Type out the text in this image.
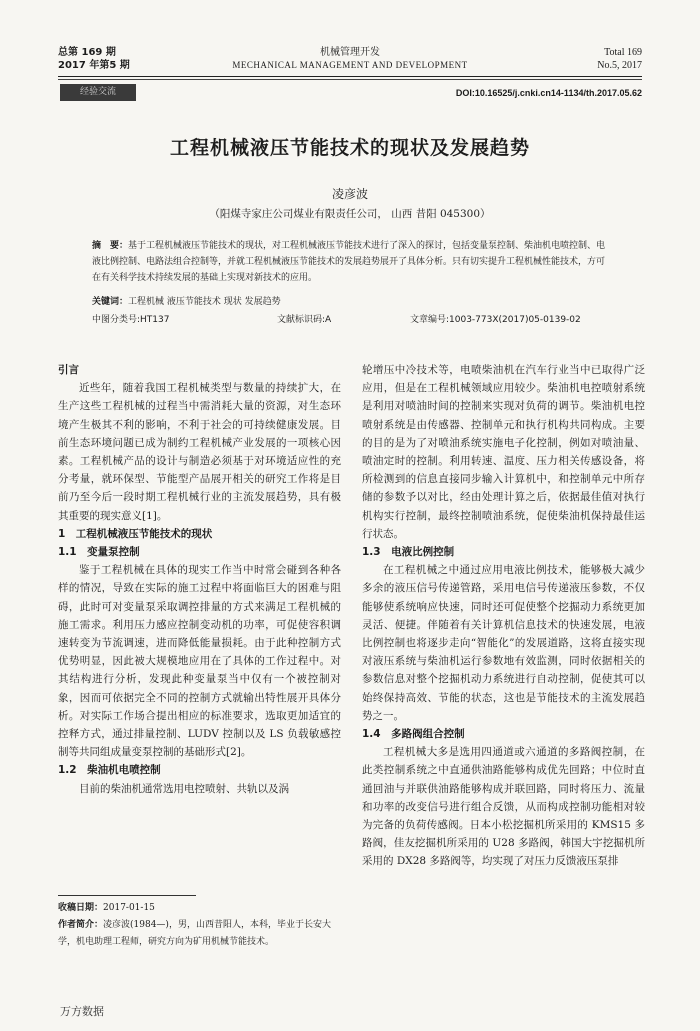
总第 169 期
2017 年第5 期
机械管理开发
MECHANICAL MANAGEMENT AND DEVELOPMENT
Total 169
No.5, 2017
经验交流	DOI:10.16525/j.cnki.cn14-1134/th.2017.05.62
工程机械液压节能技术的现状及发展趋势
凌彦波
（阳煤寺家庄公司煤业有限责任公司， 山西 昔阳 045300）
摘　要：基于工程机械液压节能技术的现状，对工程机械液压节能技术进行了深入的探讨，包括变量泵控制、柴油机电喷控制、电液比例控制、电路法组合控制等，并就工程机械液压节能技术的发展趋势展开了具体分析。只有切实提升工程机械性能技术，方可在有关科学技术持续发展的基础上实现对新技术的应用。
关键词：工程机械 液压节能技术 现状 发展趋势
中图分类号:HT137	文献标识码:A	文章编号:1003-773X(2017)05-0139-02

引言

近些年，随着我国工程机械类型与数量的持续扩大，在生产这些工程机械的过程当中需消耗大量的资源，对生态环境产生极其不利的影响，不利于社会的可持续健康发展。目前生态环境问题已成为制约工程机械产业发展的一项核心因素。工程机械产品的设计与制造必须基于对环境适应性的充分考量，就环保型、节能型产品展开相关的研究工作将是目前乃至今后一段时期工程机械行业的主流发展趋势，具有极其重要的现实意义[1]。

1　工程机械液压节能技术的现状

1.1　变量泵控制

鉴于工程机械在具体的现实工作当中时常会碰到各种各样的情况，导致在实际的施工过程中将面临巨大的困难与阻碍，此时可对变量泵采取调控排量的方式来满足工程机械的施工需求。利用压力感应控制变动机的功率，可促使容积调速转变为节流调速，进而降低能量损耗。由于此种控制方式优势明显，因此被大规模地应用在了具体的工作过程中。对其结构进行分析，发现此种变量泵当中仅有一个被控制对象，因而可依据完全不同的控制方式就输出特性展开具体分析。对实际工作场合提出相应的标准要求，选取更加适宜的控释方式，通过排量控制、LUDV 控制以及 LS 负载敏感控制等共同组成量变泵控制的基础形式[2]。

1.2　柴油机电喷控制

目前的柴油机通常选用电控喷射、共轨以及涡

轮增压中冷技术等，电喷柴油机在汽车行业当中已取得广泛应用，但是在工程机械领域应用较少。柴油机电控喷射系统是利用对喷油时间的控制来实现对负荷的调节。柴油机电控喷射系统是由传感器、控制单元和执行机构共同构成。主要的目的是为了对喷油系统实施电子化控制，例如对喷油量、喷油定时的控制。利用转速、温度、压力相关传感设备，将所检测到的信息直接同步输入计算机中，和控制单元中所存储的参数予以对比，经由处理计算之后，依据最佳值对执行机构实行控制，最终控制喷油系统，促使柴油机保持最佳运行状态。

1.3　电液比例控制

在工程机械之中通过应用电液比例技术，能够极大减少多余的液压信号传递管路，采用电信号传递液压参数，不仅能够使系统响应快速，同时还可促使整个挖掘动力系统更加灵活、便捷。伴随着有关计算机信息技术的快速发展，电液比例控制也将逐步走向“智能化”的发展道路，这将直接实现对液压系统与柴油机运行参数地有效监测，同时依据相关的参数信息对整个挖掘机动力系统进行自动控制，促使其可以始终保持高效、节能的状态，这也是节能技术的主流发展趋势之一。

1.4　多路阀组合控制

工程机械大多是选用四通道或六通道的多路阀控制，在此类控制系统之中直通供油路能够构成优先回路；中位时直通回油与并联供油路能够构成并联回路，同时将压力、流量和功率的改变信号进行组合反馈，从而构成控制功能相对较为完备的负荷传感阀。日本小松挖掘机所采用的 KMS15 多路阀，佳友挖掘机所采用的 U28 多路阀，韩国大宇挖掘机所采用的 DX28 多路阀等，均实现了对压力反馈液压泵排

收稿日期：2017-01-15
作者简介：凌彦波(1984—)，男，山西昔阳人，本科，毕业于长安大学，机电助理工程师，研究方向为矿用机械节能技术。
万方数据
